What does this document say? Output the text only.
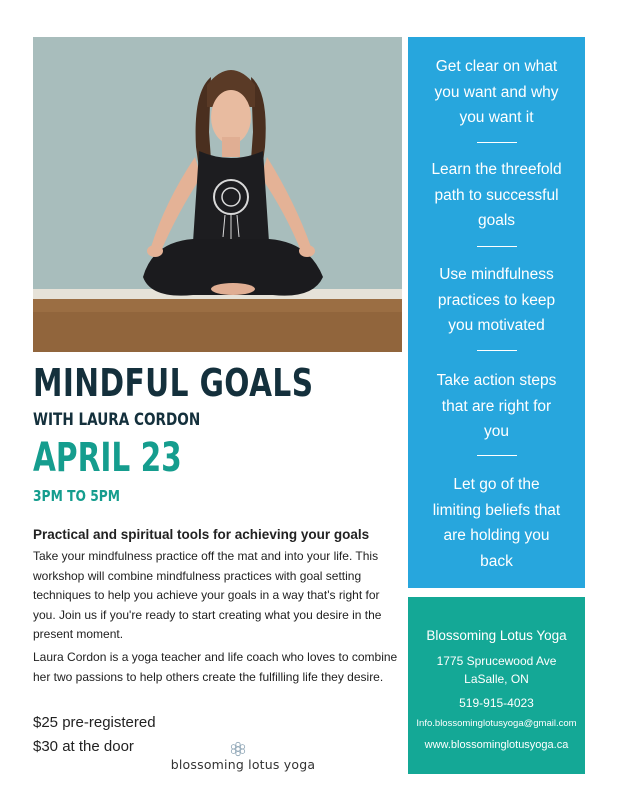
MINDFUL GOALS
WITH LAURA CORDON
APRIL 23
3PM TO 5PM
Practical and spiritual tools for achieving your goals
Take your mindfulness practice off the mat and into your life. This workshop will combine mindfulness practices with goal setting techniques to help you achieve your goals in a way that's right for you. Join us if you're ready to start creating what you desire in the present moment.
Laura Cordon is a yoga teacher and life coach who loves to combine her two passions to help others create the fulfilling life they desire.
$25 pre-registered
$30 at the door
blossoming lotus yoga
Get clear on what
you want and why
you want it
Learn the threefold
path to successful
goals
Use mindfulness
practices to keep
you motivated
Take action steps
that are right for
you
Let go of the
limiting beliefs that
are holding you
back
Blossoming Lotus Yoga
1775 Sprucewood Ave
LaSalle, ON
519-915-4023
Info.blossominglotusyoga@gmail.com
www.blossominglotusyoga.ca
